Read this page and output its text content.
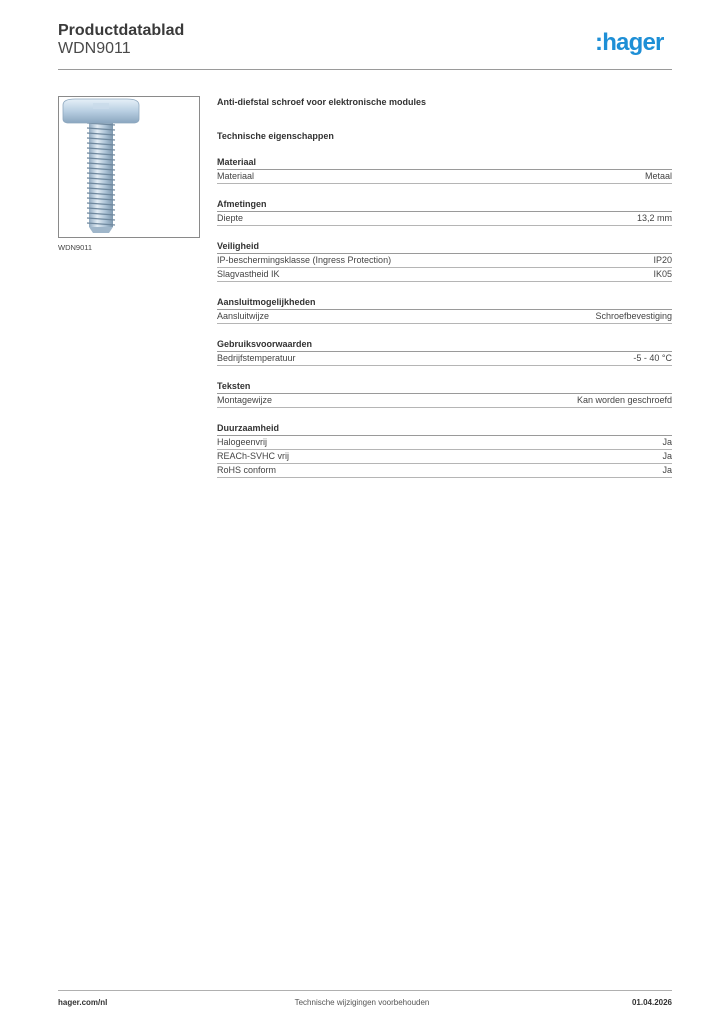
Productdatablad
WDN9011	:hager
WDN9011
Anti-diefstal schroef voor elektronische modules
Technische eigenschappen
Materiaal
Materiaal	Metaal
Afmetingen
Diepte	13,2 mm
Veiligheid
IP-beschermingsklasse (Ingress Protection)	IP20
Slagvastheid IK	IK05
Aansluitmogelijkheden
Aansluitwijze	Schroefbevestiging
Gebruiksvoorwaarden
Bedrijfstemperatuur	-5 - 40 °C
Teksten
Montagewijze	Kan worden geschroefd
Duurzaamheid
Halogeenvrij	Ja
REACh-SVHC vrij	Ja
RoHS conform	Ja
hager.com/nl	Technische wijzigingen voorbehouden	01.04.2026
